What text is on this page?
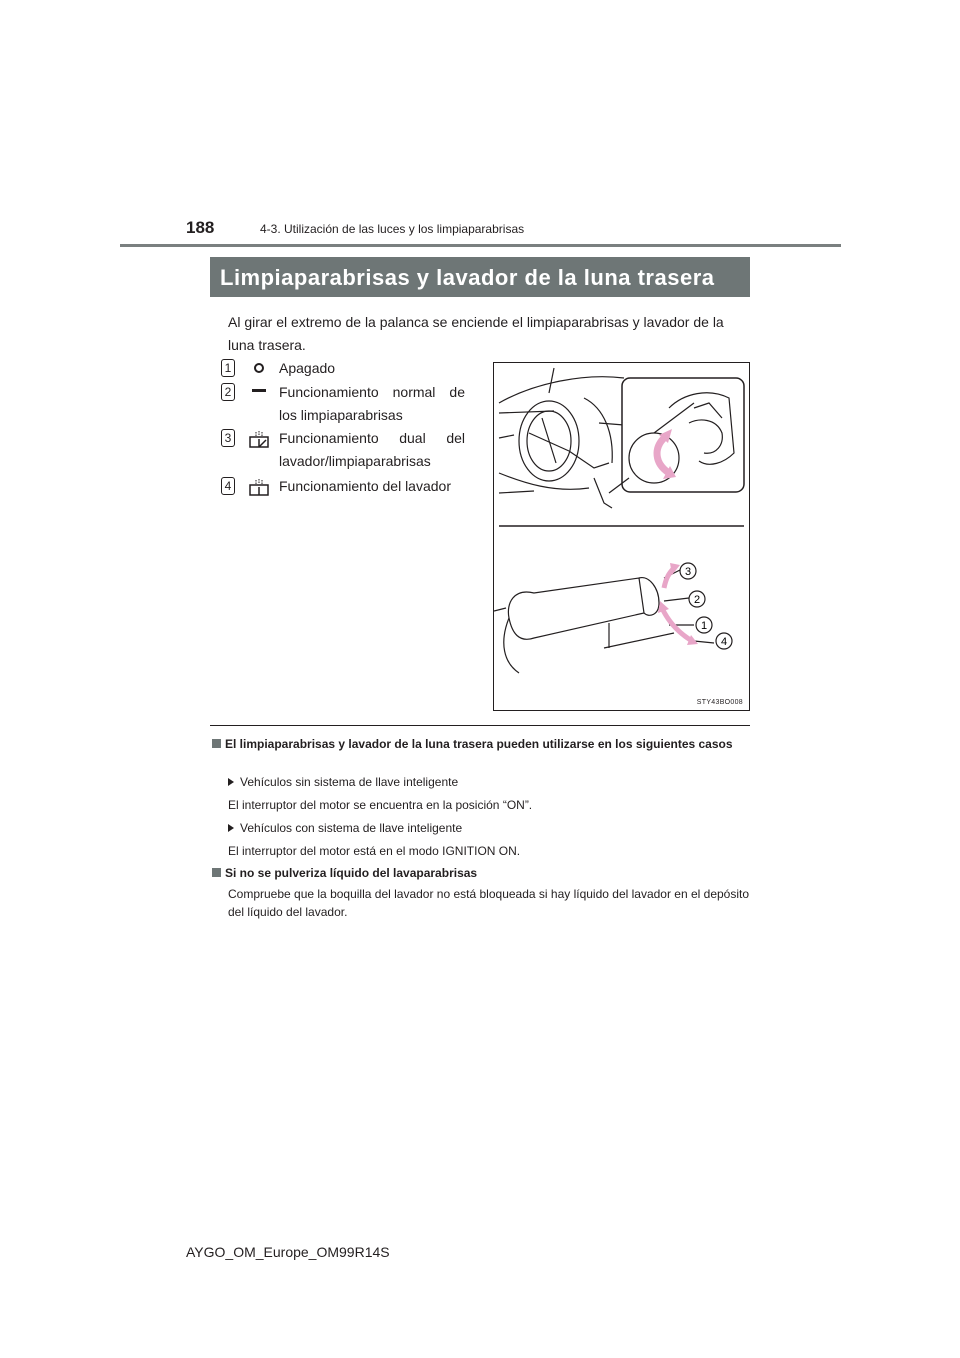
188	4-3. Utilización de las luces y los limpiaparabrisas
Limpiaparabrisas y lavador de la luna trasera
Al girar el extremo de la palanca se enciende el limpiaparabrisas y lavador de la luna trasera.
1	Apagado
2	Funcionamiento normal de los limpiaparabrisas
3	Funcionamiento dual del lavador/limpiaparabrisas
4	Funcionamiento del lavador
3
2
1
4
STY43BO008
El limpiaparabrisas y lavador de la luna trasera pueden utilizarse en los siguientes casos
Vehículos sin sistema de llave inteligente
El interruptor del motor se encuentra en la posición “ON”.
Vehículos con sistema de llave inteligente
El interruptor del motor está en el modo IGNITION ON.
Si no se pulveriza líquido del lavaparabrisas
Compruebe que la boquilla del lavador no está bloqueada si hay líquido del lavador en el depósito del líquido del lavador.
AYGO_OM_Europe_OM99R14S
